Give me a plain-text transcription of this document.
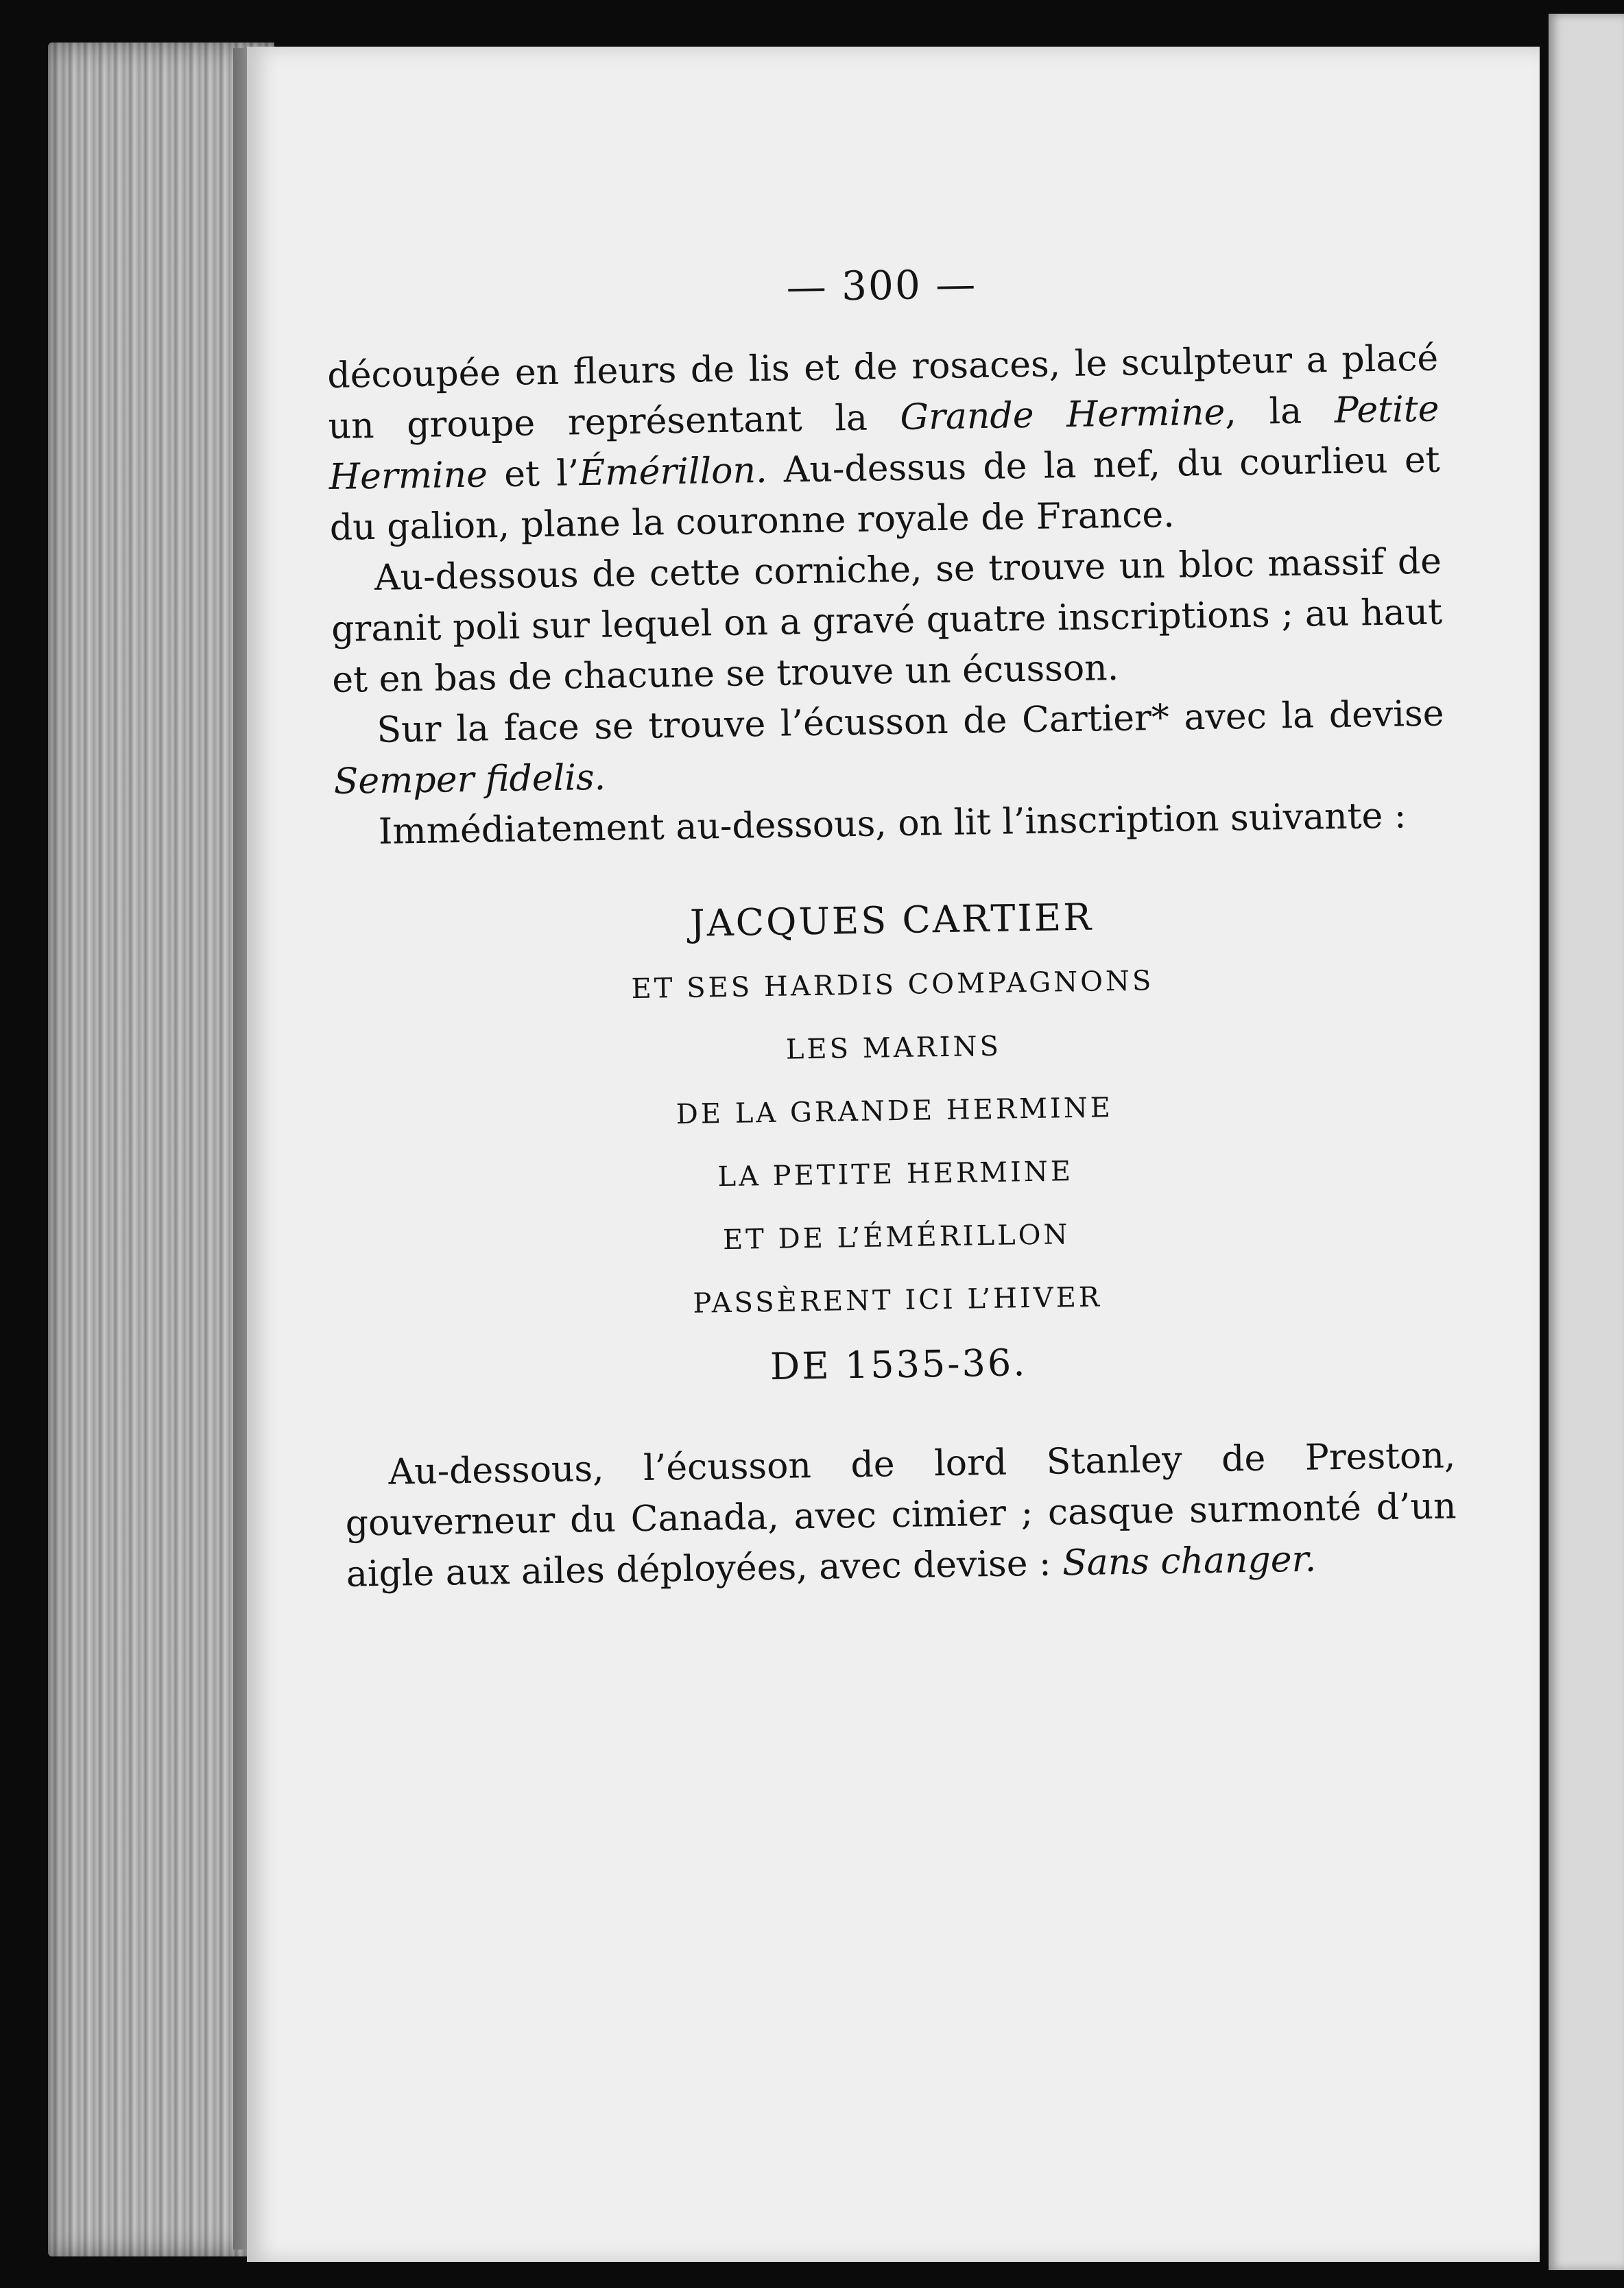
— 300 —

découpée en fleurs de lis et de rosaces, le sculpteur a placé un groupe représentant la Grande Hermine, la Petite Hermine et l’Émérillon. Au-dessus de la nef, du courlieu et du galion, plane la couronne royale de France.

Au-dessous de cette corniche, se trouve un bloc massif de granit poli sur lequel on a gravé quatre inscriptions ; au haut et en bas de chacune se trouve un écusson.

Sur la face se trouve l’écusson de Cartier* avec la devise Semper fidelis.

Immédiatement au-dessous, on lit l’inscription suivante :

JACQUES CARTIER
ET SES HARDIS COMPAGNONS
LES MARINS
DE LA GRANDE HERMINE
LA PETITE HERMINE
ET DE L’ÉMÉRILLON
PASSÈRENT ICI L’HIVER
DE 1535-36.

Au-dessous, l’écusson de lord Stanley de Preston, gouverneur du Canada, avec cimier ; casque surmonté d’un aigle aux ailes déployées, avec devise : Sans changer.
